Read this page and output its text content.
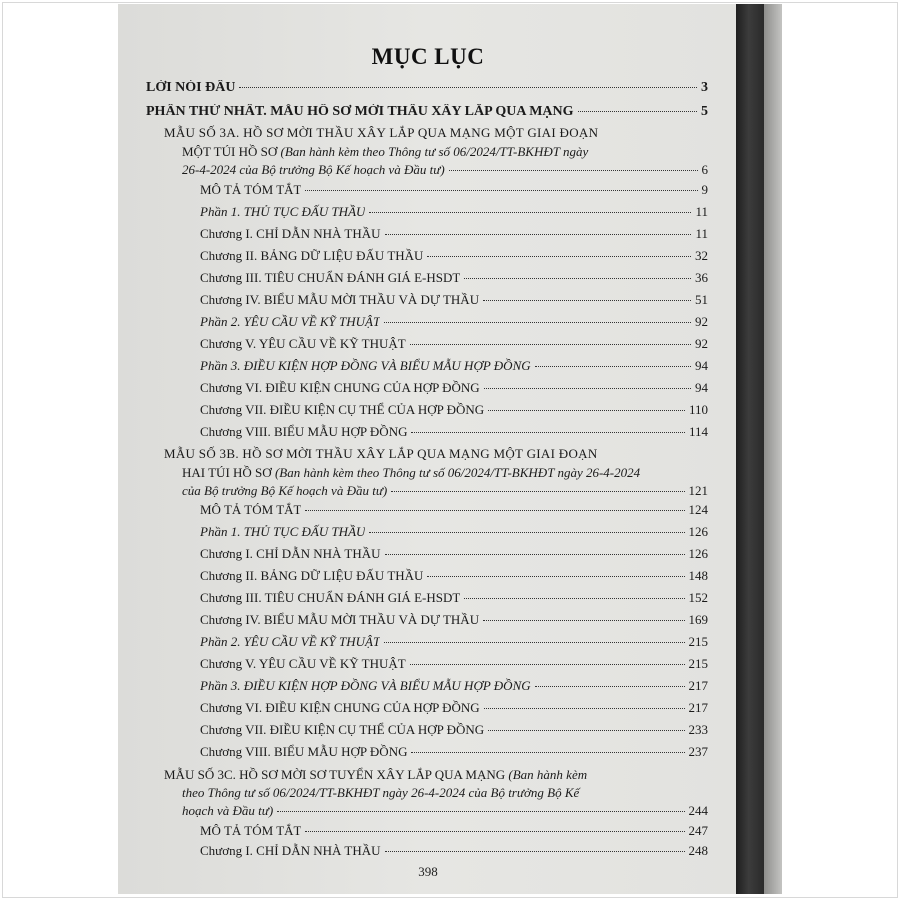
MỤC LỤC
LỜI NÓI ĐẦU	3
PHẦN THỨ NHẤT. MẪU HỒ SƠ MỜI THẦU XÂY LẮP QUA MẠNG	5
MẪU SỐ 3A. HỒ SƠ MỜI THẦU XÂY LẮP QUA MẠNG MỘT GIAI ĐOẠN
MỘT TÚI HỒ SƠ (Ban hành kèm theo Thông tư số 06/2024/TT-BKHĐT ngày
26-4-2024 của Bộ trưởng Bộ Kế hoạch và Đầu tư)	6
MÔ TẢ TÓM TẮT	9
Phần 1. THỦ TỤC ĐẤU THẦU	11
Chương I. CHỈ DẪN NHÀ THẦU	11
Chương II. BẢNG DỮ LIỆU ĐẤU THẦU	32
Chương III. TIÊU CHUẨN ĐÁNH GIÁ E-HSDT	36
Chương IV. BIỂU MẪU MỜI THẦU VÀ DỰ THẦU	51
Phần 2. YÊU CẦU VỀ KỸ THUẬT	92
Chương V. YÊU CẦU VỀ KỸ THUẬT	92
Phần 3. ĐIỀU KIỆN HỢP ĐỒNG VÀ BIỂU MẪU HỢP ĐỒNG	94
Chương VI. ĐIỀU KIỆN CHUNG CỦA HỢP ĐỒNG	94
Chương VII. ĐIỀU KIỆN CỤ THỂ CỦA HỢP ĐỒNG	110
Chương VIII. BIỂU MẪU HỢP ĐỒNG	114
MẪU SỐ 3B. HỒ SƠ MỜI THẦU XÂY LẮP QUA MẠNG MỘT GIAI ĐOẠN
HAI TÚI HỒ SƠ (Ban hành kèm theo Thông tư số 06/2024/TT-BKHĐT ngày 26-4-2024
của Bộ trưởng Bộ Kế hoạch và Đầu tư)	121
MÔ TẢ TÓM TẮT	124
Phần 1. THỦ TỤC ĐẤU THẦU	126
Chương I. CHỈ DẪN NHÀ THẦU	126
Chương II. BẢNG DỮ LIỆU ĐẤU THẦU	148
Chương III. TIÊU CHUẨN ĐÁNH GIÁ E-HSDT	152
Chương IV. BIỂU MẪU MỜI THẦU VÀ DỰ THẦU	169
Phần 2. YÊU CẦU VỀ KỸ THUẬT	215
Chương V. YÊU CẦU VỀ KỸ THUẬT	215
Phần 3. ĐIỀU KIỆN HỢP ĐỒNG VÀ BIỂU MẪU HỢP ĐỒNG	217
Chương VI. ĐIỀU KIỆN CHUNG CỦA HỢP ĐỒNG	217
Chương VII. ĐIỀU KIỆN CỤ THỂ CỦA HỢP ĐỒNG	233
Chương VIII. BIỂU MẪU HỢP ĐỒNG	237
MẪU SỐ 3C. HỒ SƠ MỜI SƠ TUYỂN XÂY LẮP QUA MẠNG (Ban hành kèm
theo Thông tư số 06/2024/TT-BKHĐT ngày 26-4-2024 của Bộ trưởng Bộ Kế
hoạch và Đầu tư)	244
MÔ TẢ TÓM TẮT	247
Chương I. CHỈ DẪN NHÀ THẦU	248
398
